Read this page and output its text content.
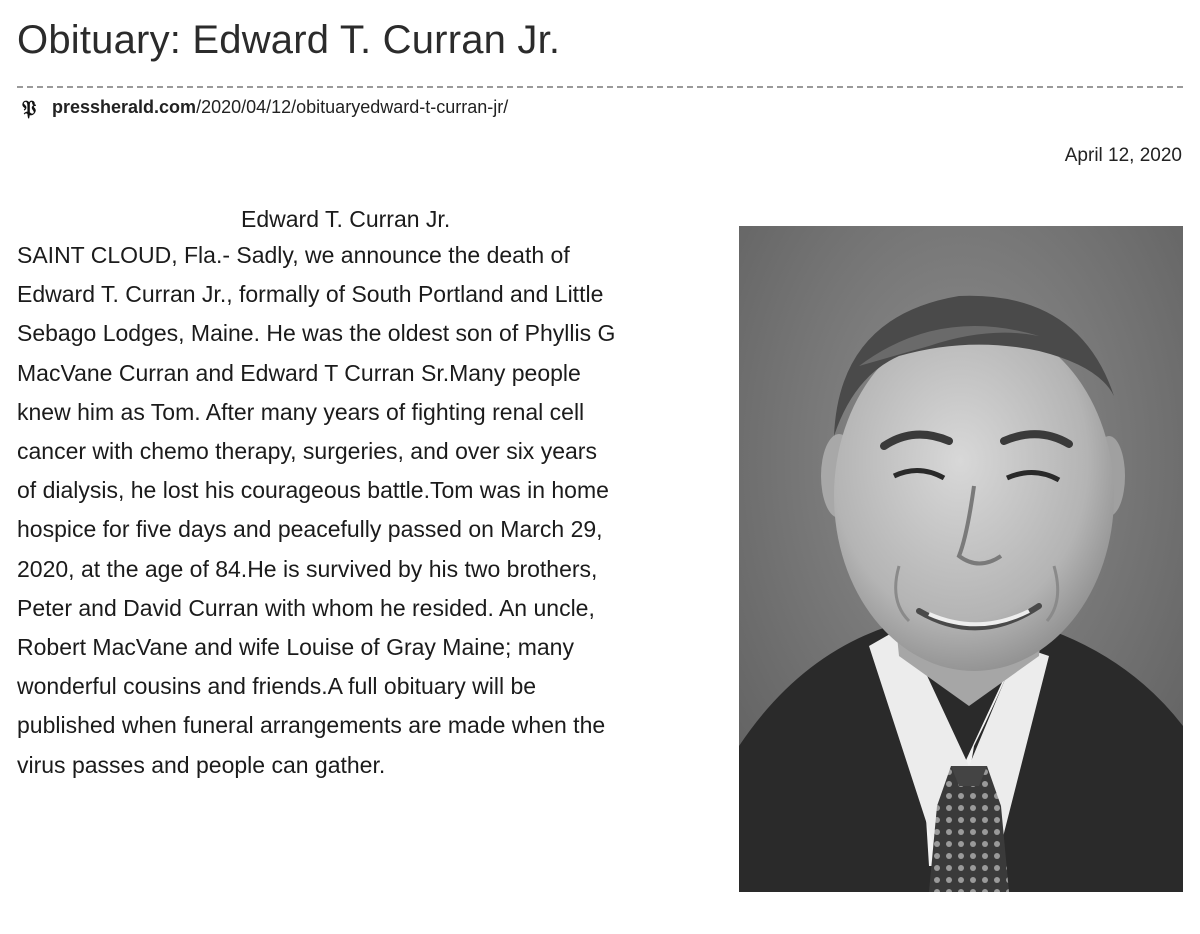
Obituary: Edward T. Curran Jr.
𝔓 pressherald.com /2020/04/12/obituaryedward-t-curran-jr/
April 12, 2020
Edward T. Curran Jr.
SAINT CLOUD, Fla.- Sadly, we announce the death of
Edward T. Curran Jr., formally of South Portland and Little
Sebago Lodges, Maine. He was the oldest son of Phyllis G
MacVane Curran and Edward T Curran Sr.Many people
knew him as Tom. After many years of fighting renal cell
cancer with chemo therapy, surgeries, and over six years
of dialysis, he lost his courageous battle.Tom was in home
hospice for five days and peacefully passed on March 29,
2020, at the age of 84.He is survived by his two brothers,
Peter and David Curran with whom he resided. An uncle,
Robert MacVane and wife Louise of Gray Maine; many
wonderful cousins and friends.A full obituary will be
published when funeral arrangements are made when the
virus passes and people can gather.
